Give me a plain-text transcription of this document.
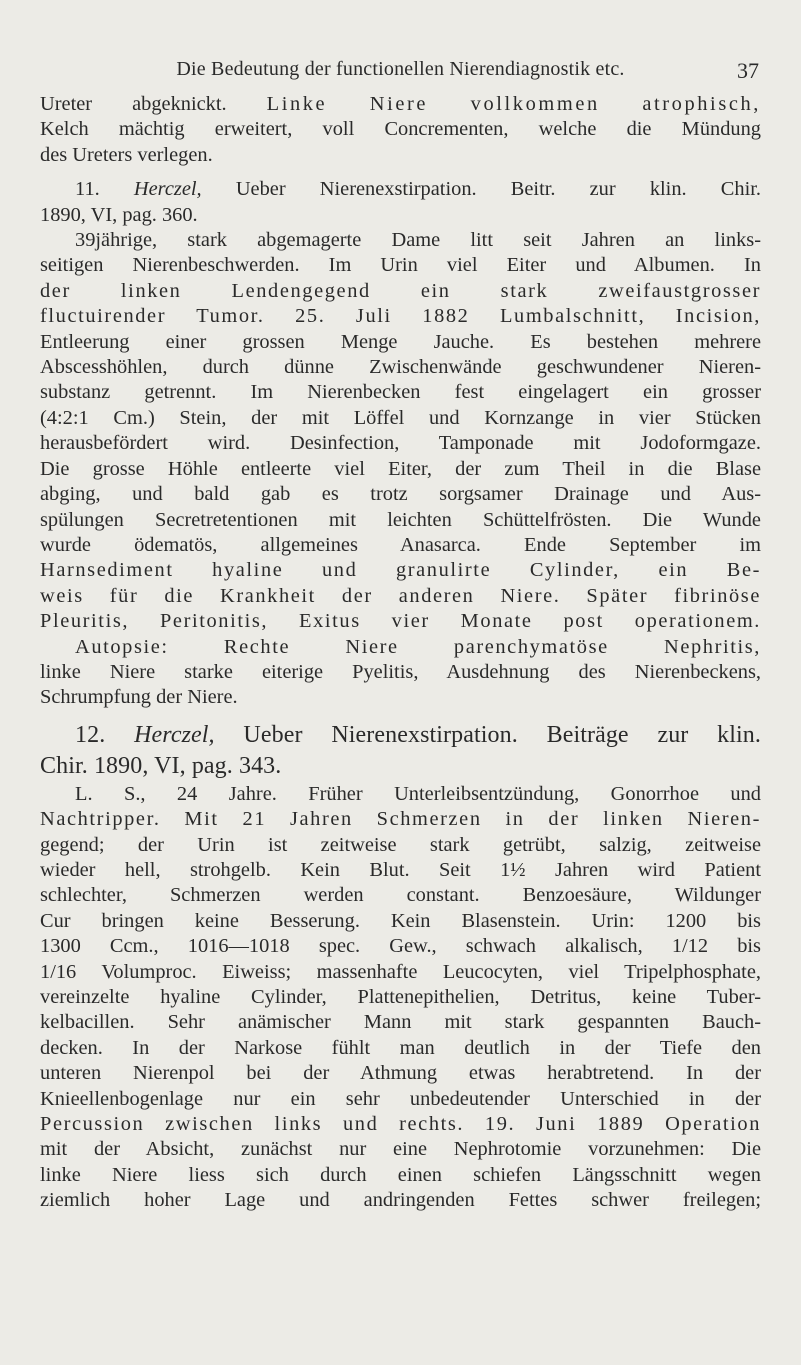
Die Bedeutung der functionellen Nierendiagnostik etc.	37
Ureter abgeknickt. Linke Niere vollkommen atrophisch,
Kelch mächtig erweitert, voll Concrementen, welche die Mündung
des Ureters verlegen.
11. Herczel, Ueber Nierenexstirpation. Beitr. zur klin. Chir.
1890, VI, pag. 360.
39jährige, stark abgemagerte Dame litt seit Jahren an links-
seitigen Nierenbeschwerden. Im Urin viel Eiter und Albumen. In
der linken Lendengegend ein stark zweifaustgrosser
fluctuirender Tumor. 25. Juli 1882 Lumbalschnitt, Incision,
Entleerung einer grossen Menge Jauche. Es bestehen mehrere
Abscesshöhlen, durch dünne Zwischenwände geschwundener Nieren-
substanz getrennt. Im Nierenbecken fest eingelagert ein grosser
(4:2:1 Cm.) Stein, der mit Löffel und Kornzange in vier Stücken
herausbefördert wird. Desinfection, Tamponade mit Jodoformgaze.
Die grosse Höhle entleerte viel Eiter, der zum Theil in die Blase
abging, und bald gab es trotz sorgsamer Drainage und Aus-
spülungen Secretretentionen mit leichten Schüttelfrösten. Die Wunde
wurde ödematös, allgemeines Anasarca. Ende September im
Harnsediment hyaline und granulirte Cylinder, ein Be-
weis für die Krankheit der anderen Niere. Später fibrinöse
Pleuritis, Peritonitis, Exitus vier Monate post operationem.
Autopsie: Rechte Niere parenchymatöse Nephritis,
linke Niere starke eiterige Pyelitis, Ausdehnung des Nierenbeckens,
Schrumpfung der Niere.
12. Herczel, Ueber Nierenexstirpation. Beiträge zur klin.
Chir. 1890, VI, pag. 343.
L. S., 24 Jahre. Früher Unterleibsentzündung, Gonorrhoe und
Nachtripper. Mit 21 Jahren Schmerzen in der linken Nieren-
gegend; der Urin ist zeitweise stark getrübt, salzig, zeitweise
wieder hell, strohgelb. Kein Blut. Seit 1½ Jahren wird Patient
schlechter, Schmerzen werden constant. Benzoesäure, Wildunger
Cur bringen keine Besserung. Kein Blasenstein. Urin: 1200 bis
1300 Ccm., 1016—1018 spec. Gew., schwach alkalisch, 1/12 bis
1/16 Volumproc. Eiweiss; massenhafte Leucocyten, viel Tripelphosphate,
vereinzelte hyaline Cylinder, Plattenepithelien, Detritus, keine Tuber-
kelbacillen. Sehr anämischer Mann mit stark gespannten Bauch-
decken. In der Narkose fühlt man deutlich in der Tiefe den
unteren Nierenpol bei der Athmung etwas herabtretend. In der
Knieellenbogenlage nur ein sehr unbedeutender Unterschied in der
Percussion zwischen links und rechts. 19. Juni 1889 Operation
mit der Absicht, zunächst nur eine Nephrotomie vorzunehmen: Die
linke Niere liess sich durch einen schiefen Längsschnitt wegen
ziemlich hoher Lage und andringenden Fettes schwer freilegen;
